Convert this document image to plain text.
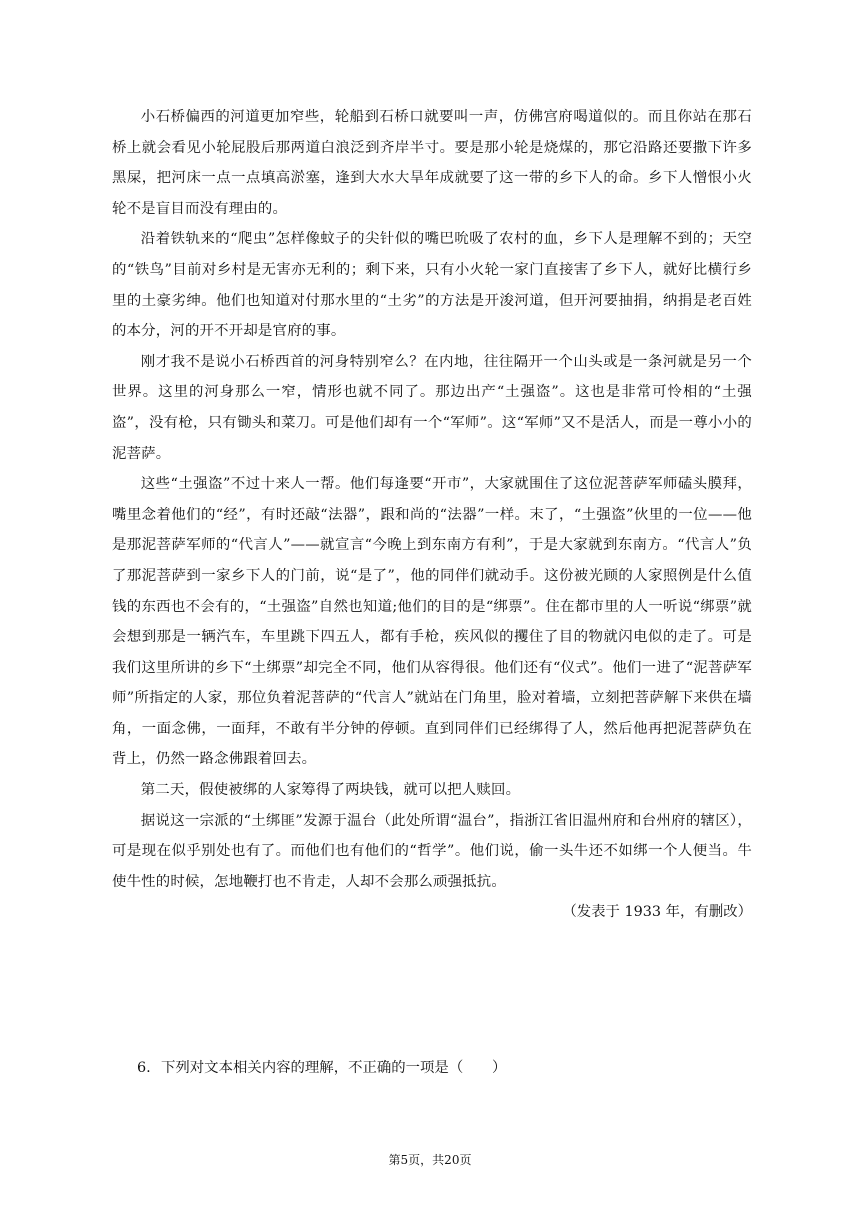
小石桥偏西的河道更加窄些，轮船到石桥口就要叫一声，仿佛宫府喝道似的。而且你站在那石桥上就会看见小轮屁股后那两道白浪泛到齐岸半寸。要是那小轮是烧煤的，那它沿路还要撒下许多黑屎，把河床一点一点填高淤塞，逢到大水大旱年成就要了这一带的乡下人的命。乡下人憎恨小火轮不是盲目而没有理由的。

沿着铁轨来的“爬虫”怎样像蚊子的尖针似的嘴巴吮吸了农村的血，乡下人是理解不到的；天空的“铁鸟”目前对乡村是无害亦无利的；剩下来，只有小火轮一家门直接害了乡下人，就好比横行乡里的土豪劣绅。他们也知道对付那水里的“土劣”的方法是开浚河道，但开河要抽捐，纳捐是老百姓的本分，河的开不开却是官府的事。

刚才我不是说小石桥西首的河身特别窄么？在内地，往往隔开一个山头或是一条河就是另一个世界。这里的河身那么一窄，情形也就不同了。那边出产“土强盗”。这也是非常可怜相的“土强盗”，没有枪，只有锄头和菜刀。可是他们却有一个“军师”。这“军师”又不是活人，而是一尊小小的泥菩萨。

这些“土强盗”不过十来人一帮。他们每逢要“开市”，大家就围住了这位泥菩萨军师磕头膜拜，嘴里念着他们的“经”，有时还敲“法器”，跟和尚的“法器”一样。末了，“土强盗”伙里的一位——他是那泥菩萨军师的“代言人”——就宣言“今晚上到东南方有利”，于是大家就到东南方。“代言人”负了那泥菩萨到一家乡下人的门前，说“是了”，他的同伴们就动手。这份被光顾的人家照例是什么值钱的东西也不会有的，“土强盗”自然也知道;他们的目的是“绑票”。住在都市里的人一听说“绑票”就会想到那是一辆汽车，车里跳下四五人，都有手枪，疾风似的攫住了目的物就闪电似的走了。可是我们这里所讲的乡下“土绑票”却完全不同，他们从容得很。他们还有“仪式”。他们一进了“泥菩萨军师”所指定的人家，那位负着泥菩萨的“代言人”就站在门角里，脸对着墙，立刻把菩萨解下来供在墙角，一面念佛，一面拜，不敢有半分钟的停顿。直到同伴们已经绑得了人，然后他再把泥菩萨负在背上，仍然一路念佛跟着回去。

第二天，假使被绑的人家筹得了两块钱，就可以把人赎回。

据说这一宗派的“土绑匪”发源于温台（此处所谓“温台”，指浙江省旧温州府和台州府的辖区），可是现在似乎别处也有了。而他们也有他们的“哲学”。他们说，偷一头牛还不如绑一个人便当。牛使牛性的时候，怎地鞭打也不肯走，人却不会那么顽强抵抗。

（发表于 1933 年，有删改）

6. 下列对文本相关内容的理解，不正确的一项是（　　）
第5页，共20页
